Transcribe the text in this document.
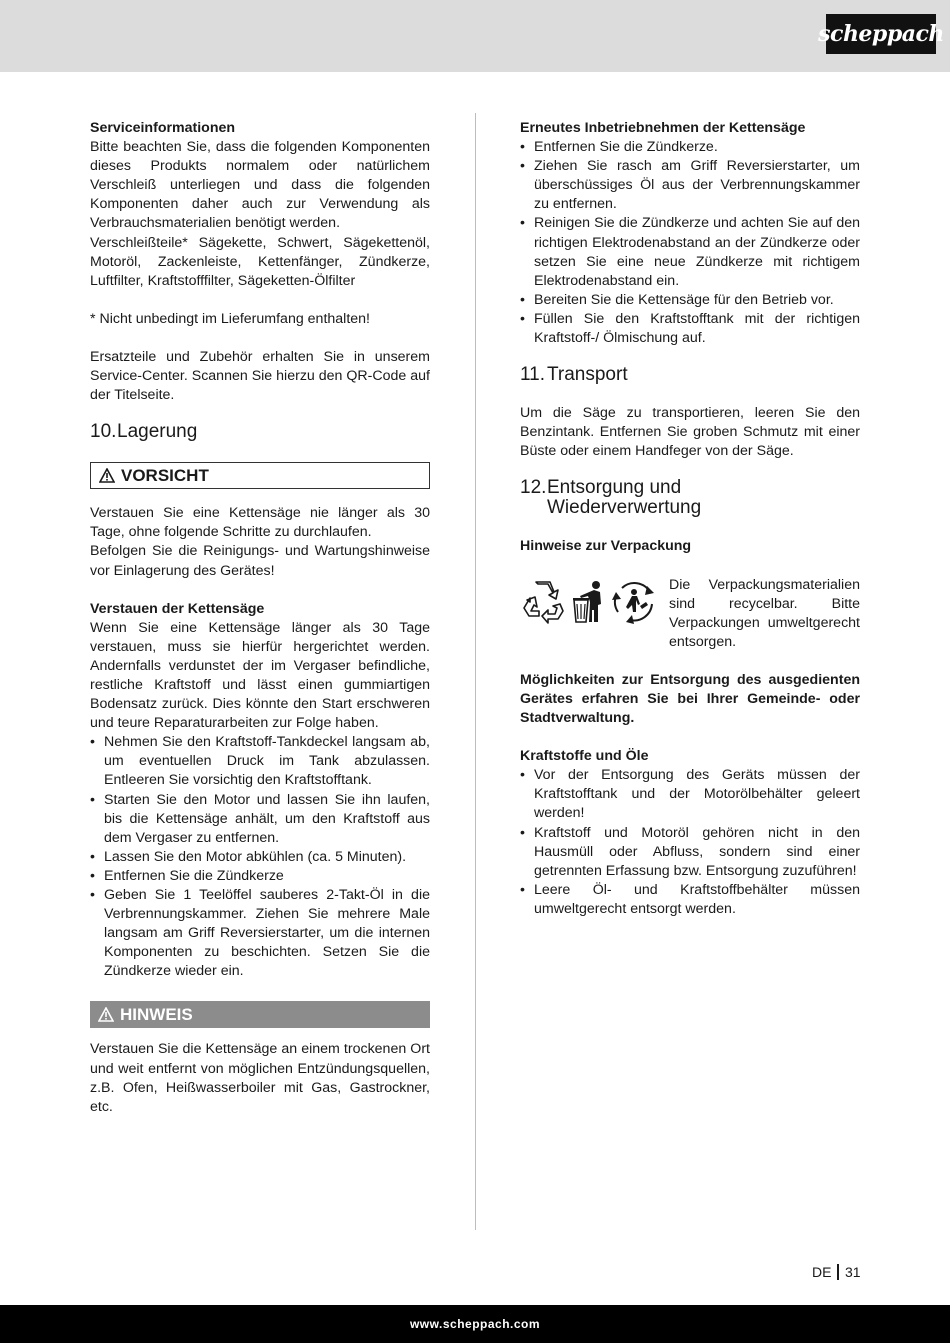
scheppach
Serviceinformationen
Bitte beachten Sie, dass die folgenden Komponenten dieses Produkts normalem oder natürlichem Verschleiß unterliegen und dass die folgenden Komponenten daher auch zur Verwendung als Verbrauchsmaterialien benötigt werden.
Verschleißteile* Sägekette, Schwert, Sägekettenöl, Motoröl, Zackenleiste, Kettenfänger, Zündkerze, Luftfilter, Kraftstofffilter, Sägeketten-Ölfilter
* Nicht unbedingt im Lieferumfang enthalten!
Ersatzteile und Zubehör erhalten Sie in unserem Service-Center. Scannen Sie hierzu den QR-Code auf der Titelseite.
10. Lagerung
VORSICHT
Verstauen Sie eine Kettensäge nie länger als 30 Tage, ohne folgende Schritte zu durchlaufen.
Befolgen Sie die Reinigungs- und Wartungshinweise vor Einlagerung des Gerätes!
Verstauen der Kettensäge
Wenn Sie eine Kettensäge länger als 30 Tage verstauen, muss sie hierfür hergerichtet werden. Andernfalls verdunstet der im Vergaser befindliche, restliche Kraftstoff und lässt einen gummiartigen Bodensatz zurück. Dies könnte den Start erschweren und teure Reparaturarbeiten zur Folge haben.
• Nehmen Sie den Kraftstoff-Tankdeckel langsam ab, um eventuellen Druck im Tank abzulassen. Entleeren Sie vorsichtig den Kraftstofftank.
• Starten Sie den Motor und lassen Sie ihn laufen, bis die Kettensäge anhält, um den Kraftstoff aus dem Vergaser zu entfernen.
• Lassen Sie den Motor abkühlen (ca. 5 Minuten).
• Entfernen Sie die Zündkerze
• Geben Sie 1 Teelöffel sauberes 2-Takt-Öl in die Verbrennungskammer. Ziehen Sie mehrere Male langsam am Griff Reversierstarter, um die internen Komponenten zu beschichten. Setzen Sie die Zündkerze wieder ein.
HINWEIS
Verstauen Sie die Kettensäge an einem trockenen Ort und weit entfernt von möglichen Entzündungsquellen, z.B. Ofen, Heißwasserboiler mit Gas, Gastrockner, etc.
Erneutes Inbetriebnehmen der Kettensäge
• Entfernen Sie die Zündkerze.
• Ziehen Sie rasch am Griff Reversierstarter, um überschüssiges Öl aus der Verbrennungskammer zu entfernen.
• Reinigen Sie die Zündkerze und achten Sie auf den richtigen Elektrodenabstand an der Zündkerze oder setzen Sie eine neue Zündkerze mit richtigem Elektrodenabstand ein.
• Bereiten Sie die Kettensäge für den Betrieb vor.
• Füllen Sie den Kraftstofftank mit der richtigen Kraftstoff-/ Ölmischung auf.
11. Transport
Um die Säge zu transportieren, leeren Sie den Benzintank. Entfernen Sie groben Schmutz mit einer Büste oder einem Handfeger von der Säge.
12. Entsorgung und
Wiederverwertung
Hinweise zur Verpackung
Die Verpackungsmaterialien sind recycelbar. Bitte Verpackungen umweltgerecht entsorgen.
Möglichkeiten zur Entsorgung des ausgedienten Gerätes erfahren Sie bei Ihrer Gemeinde- oder Stadtverwaltung.
Kraftstoffe und Öle
• Vor der Entsorgung des Geräts müssen der Kraftstofftank und der Motorölbehälter geleert werden!
• Kraftstoff und Motoröl gehören nicht in den Hausmüll oder Abfluss, sondern sind einer getrennten Erfassung bzw. Entsorgung zuzuführen!
• Leere Öl- und Kraftstoffbehälter müssen umweltgerecht entsorgt werden.
DE 31
www.scheppach.com
